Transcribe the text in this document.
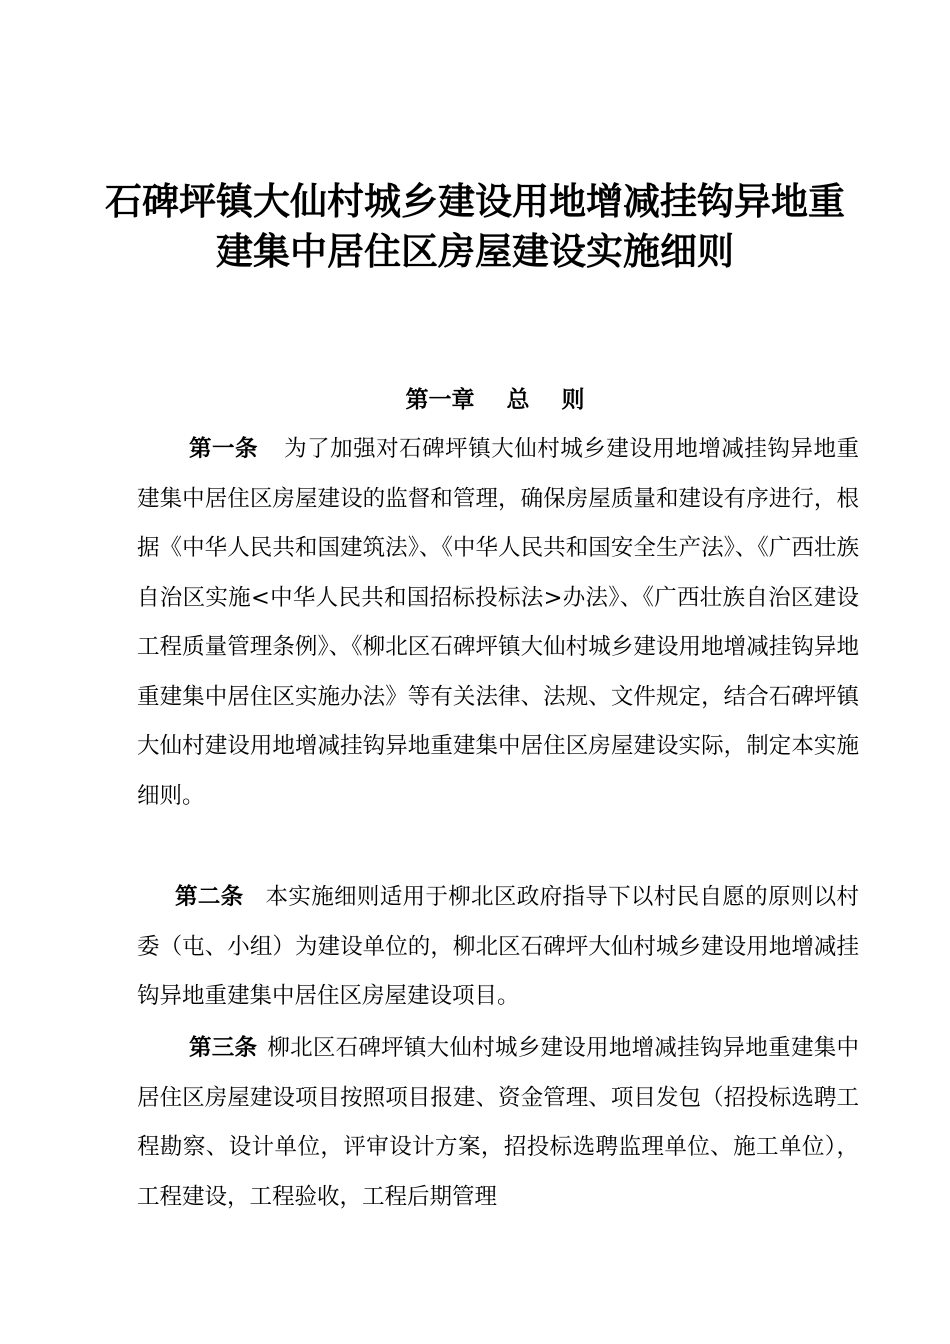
石碑坪镇大仙村城乡建设用地增减挂钩异地重
建集中居住区房屋建设实施细则
第一章    总    则

第一条 为了加强对石碑坪镇大仙村城乡建设用地增减挂钩异地重建集中居住区房屋建设的监督和管理，确保房屋质量和建设有序进行，根据《中华人民共和国建筑法》、《中华人民共和国安全生产法》、《广西壮族自治区实施<中华人民共和国招标投标法>办法》、《广西壮族自治区建设工程质量管理条例》、《柳北区石碑坪镇大仙村城乡建设用地增减挂钩异地重建集中居住区实施办法》等有关法律、法规、文件规定，结合石碑坪镇大仙村建设用地增减挂钩异地重建集中居住区房屋建设实际，制定本实施细则。

第二条 本实施细则适用于柳北区政府指导下以村民自愿的原则以村委（屯、小组）为建设单位的，柳北区石碑坪大仙村城乡建设用地增减挂钩异地重建集中居住区房屋建设项目。

第三条 柳北区石碑坪镇大仙村城乡建设用地增减挂钩异地重建集中居住区房屋建设项目按照项目报建、资金管理、项目发包（招投标选聘工程勘察、设计单位，评审设计方案，招投标选聘监理单位、施工单位），工程建设，工程验收，工程后期管理
